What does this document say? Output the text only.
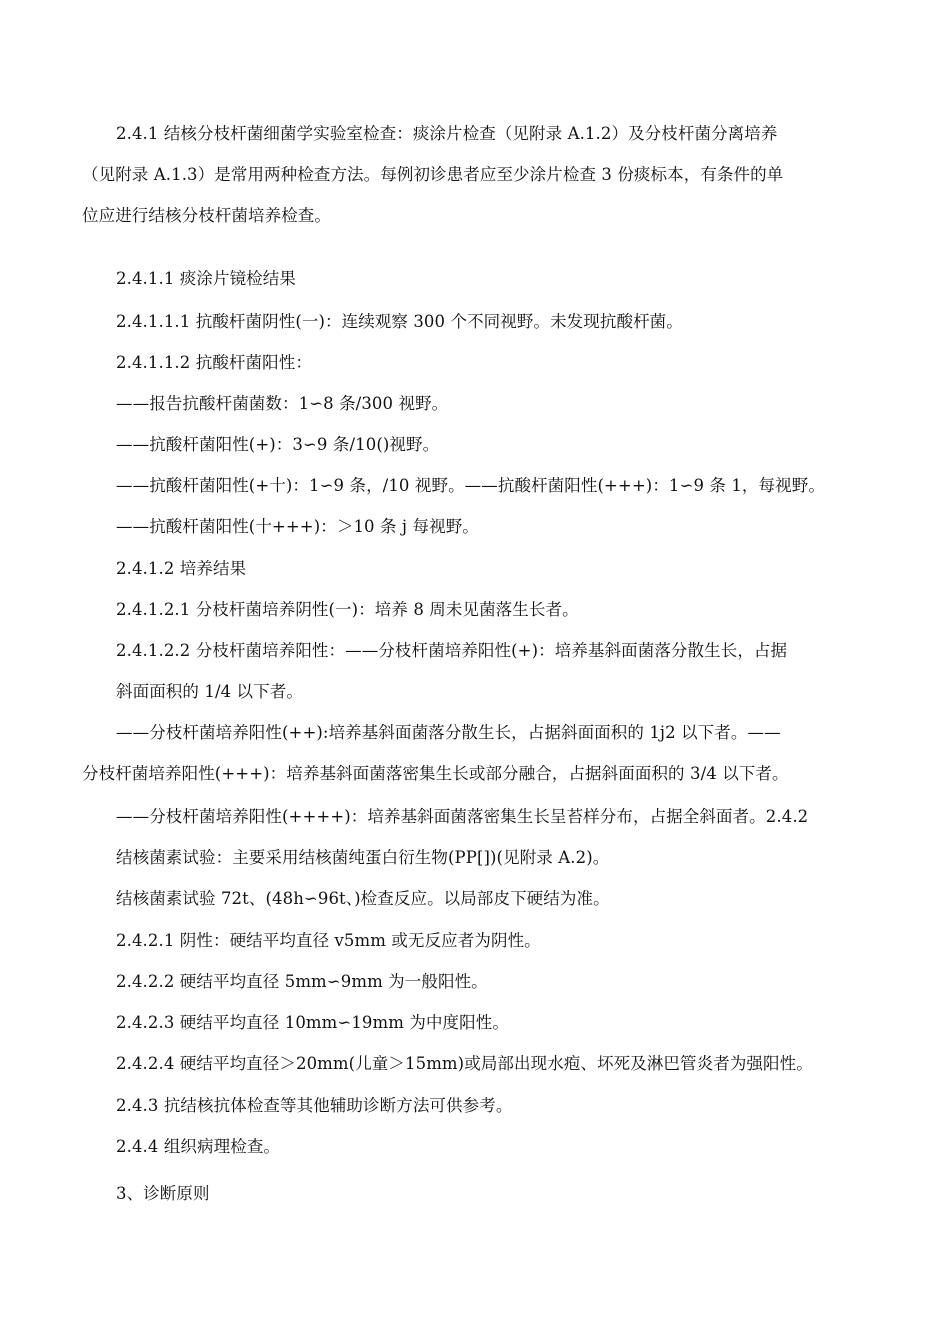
2.4.1 结核分枝杆菌细菌学实验室检查：痰涂片检查（见附录 A.1.2）及分枝杆菌分离培养
（见附录 A.1.3）是常用两种检查方法。每例初诊患者应至少涂片检查 3 份痰标本，有条件的单
位应进行结核分枝杆菌培养检查。
2.4.1.1 痰涂片镜检结果
2.4.1.1.1 抗酸杆菌阴性(一)：连续观察 300 个不同视野。未发现抗酸杆菌。
2.4.1.1.2 抗酸杆菌阳性：
——报告抗酸杆菌菌数：1∽8 条/300 视野。
——抗酸杆菌阳性(+)：3∽9 条/10()视野。
——抗酸杆菌阳性(+十)：1∽9 条，/10 视野。——抗酸杆菌阳性(+++)：1∽9 条 1，每视野。
——抗酸杆菌阳性(十+++)：＞10 条 j 每视野。
2.4.1.2 培养结果
2.4.1.2.1 分枝杆菌培养阴性(一)：培养 8 周未见菌落生长者。
2.4.1.2.2 分枝杆菌培养阳性：——分枝杆菌培养阳性(+)：培养基斜面菌落分散生长，占据
斜面面积的 1/4 以下者。
——分枝杆菌培养阳性(++):培养基斜面菌落分散生长，占据斜面面积的 1j2 以下者。——
分枝杆菌培养阳性(+++)：培养基斜面菌落密集生长或部分融合，占据斜面面积的 3/4 以下者。
——分枝杆菌培养阳性(++++)：培养基斜面菌落密集生长呈苔样分布，占据全斜面者。2.4.2
结核菌素试验：主要采用结核菌纯蛋白衍生物(PP[])(见附录 A.2)。
结核菌素试验 72t、(48h∽96t、)检查反应。以局部皮下硬结为准。
2.4.2.1 阴性：硬结平均直径 v5mm 或无反应者为阴性。
2.4.2.2 硬结平均直径 5mm∽9mm 为一般阳性。
2.4.2.3 硬结平均直径 10mm∽19mm 为中度阳性。
2.4.2.4 硬结平均直径＞20mm(儿童＞15mm)或局部出现水疱、坏死及淋巴管炎者为强阳性。
2.4.3 抗结核抗体检查等其他辅助诊断方法可供参考。
2.4.4 组织病理检查。
3、诊断原则
